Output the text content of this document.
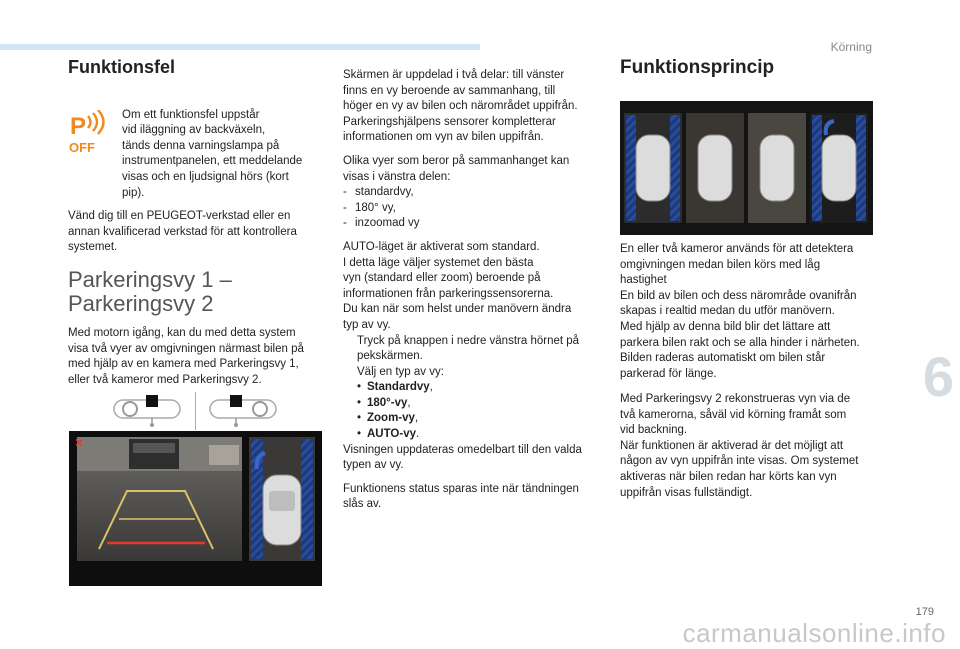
Körning
6
179
carmanualsonline.info
Funktionsfel
P
OFF
Om ett funktionsfel uppstår
vid iläggning av backväxeln,
tänds denna varningslampa på
instrumentpanelen, ett meddelande
visas och en ljudsignal hörs (kort
pip).
Vänd dig till en PEUGEOT-verkstad eller en
annan kvalificerad verkstad för att kontrollera
systemet.
Parkeringsvy 1 –
Parkeringsvy 2
Med motorn igång, kan du med detta system
visa två vyer av omgivningen närmast bilen på
med hjälp av en kamera med Parkeringsvy 1,
eller två kameror med Parkeringsvy 2.
×
Skärmen är uppdelad i två delar: till vänster
finns en vy beroende av sammanhang, till
höger en vy av bilen och närområdet uppifrån.
Parkeringshjälpens sensorer kompletterar
informationen om vyn av bilen uppifrån.
Olika vyer som beror på sammanhanget kan
visas i vänstra delen:
- standardvy,
- 180° vy,
- inzoomad vy
AUTO-läget är aktiverat som standard.
I detta läge väljer systemet den bästa
vyn (standard eller zoom) beroende på
informationen från parkeringssensorerna.
Du kan när som helst under manövern ändra
typ av vy.
Tryck på knappen i nedre vänstra hörnet på
pekskärmen.
Välj en typ av vy:
• Standardvy,
• 180°-vy,
• Zoom-vy,
• AUTO-vy.
Visningen uppdateras omedelbart till den valda
typen av vy.
Funktionens status sparas inte när tändningen
slås av.
Funktionsprincip
En eller två kameror används för att detektera
omgivningen medan bilen körs med låg
hastighet
En bild av bilen och dess närområde ovanifrån
skapas i realtid medan du utför manövern.
Med hjälp av denna bild blir det lättare att
parkera bilen rakt och se alla hinder i närheten.
Bilden raderas automatiskt om bilen står
parkerad för länge.
Med Parkeringsvy 2 rekonstrueras vyn via de
två kamerorna, såväl vid körning framåt som
vid backning.
När funktionen är aktiverad är det möjligt att
någon av vyn uppifrån inte visas. Om systemet
aktiveras när bilen redan har körts kan vyn
uppifrån visas fullständigt.
